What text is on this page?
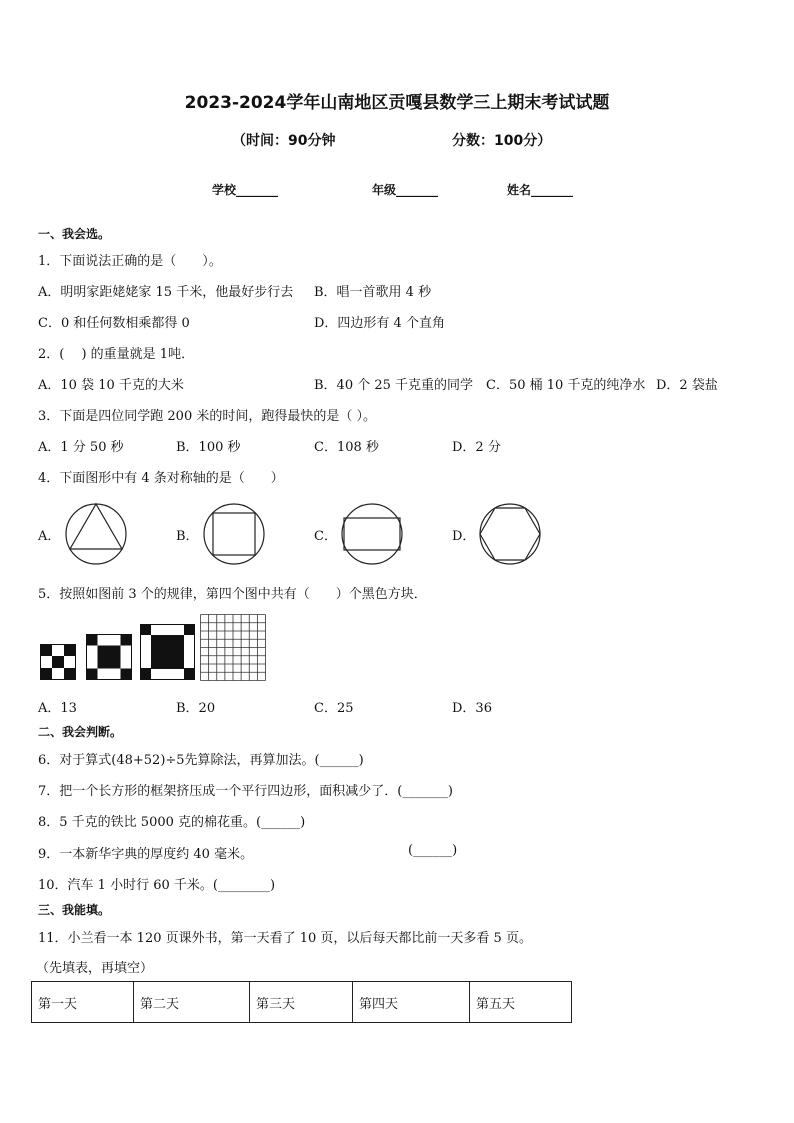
2023-2024学年山南地区贡嘎县数学三上期末考试试题
（时间：90分钟	分数：100分）
学校_______	年级_______	姓名_______
一、我会选。
1．下面说法正确的是（　　）。
A．明明家距姥姥家 15 千米，他最好步行去 B．唱一首歌用 4 秒
C．0 和任何数相乘都得 0	D．四边形有 4 个直角
2．(　 ) 的重量就是 1吨．
A．10 袋 10 千克的大米	B．40 个 25 千克重的同学 C．50 桶 10 千克的纯净水 D．2 袋盐
3．下面是四位同学跑 200 米的时间，跑得最快的是（ ）。
A．1 分 50 秒	B．100 秒	C．108 秒	D．2 分
4．下面图形中有 4 条对称轴的是（　　）
A．	B．	C．	D．
5．按照如图前 3 个的规律，第四个图中共有（　　）个黑色方块．
A．13	B．20	C．25	D．36
二、我会判断。
6．对于算式(48+52)÷5先算除法，再算加法。(______)
7．把一个长方形的框架挤压成一个平行四边形，面积减少了．(_______)
8．5 千克的铁比 5000 克的棉花重。(______)
9．一本新华字典的厚度约 40 毫米。	(______)
10．汽车 1 小时行 60 千米。(________)
三、我能填。
11．小兰看一本 120 页课外书，第一天看了 10 页，以后每天都比前一天多看 5 页。
（先填表，再填空）
第一天	第二天	第三天	第四天	第五天
